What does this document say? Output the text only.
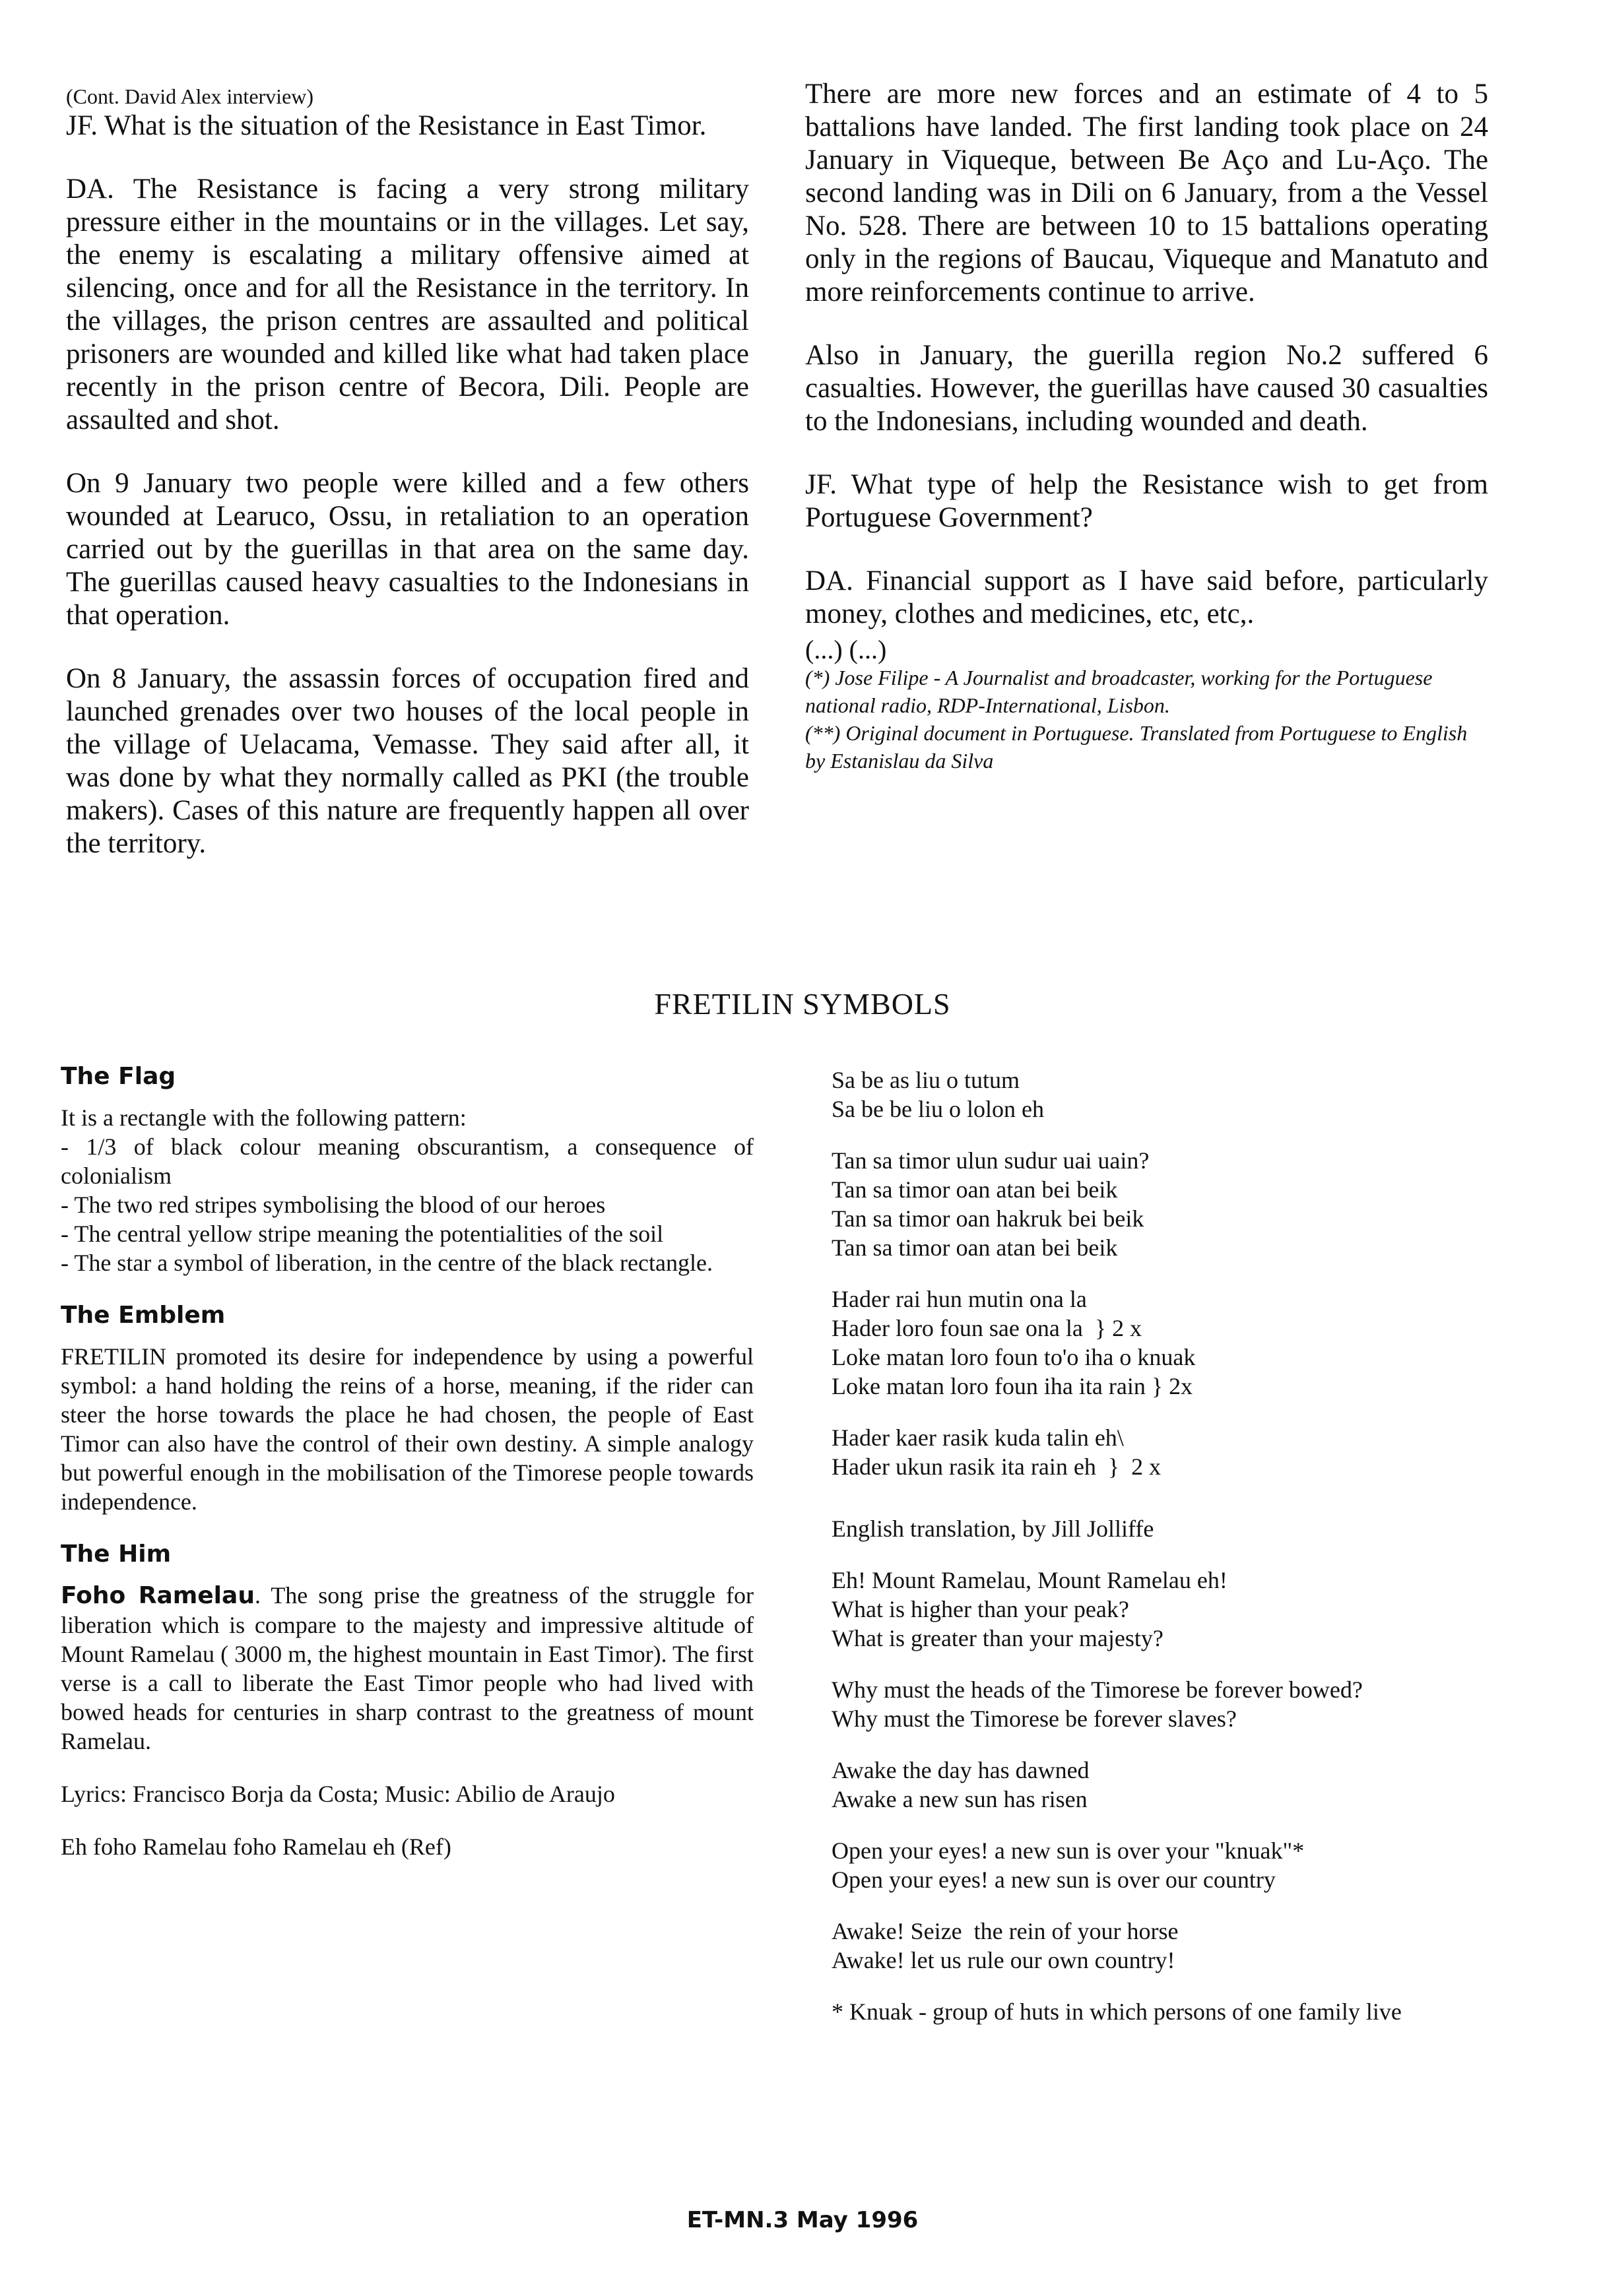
(Cont. David Alex interview)

JF. What is the situation of the Resistance in East Timor.

DA. The Resistance is facing a very strong military pressure either in the mountains or in the villages. Let say, the enemy is escalating a military offensive aimed at silencing, once and for all the Resistance in the territory. In the villages, the prison centres are assaulted and political prisoners are wounded and killed like what had taken place recently in the prison centre of Becora, Dili. People are assaulted and shot.

On 9 January two people were killed and a few others wounded at Learuco, Ossu, in retaliation to an operation carried out by the guerillas in that area on the same day. The guerillas caused heavy casualties to the Indonesians in that operation.

On 8 January, the assassin forces of occupation fired and launched grenades over two houses of the local people in the village of Uelacama, Vemasse. They said after all, it was done by what they normally called as PKI (the trouble makers). Cases of this nature are frequently happen all over the territory.

There are more new forces and an estimate of 4 to 5 battalions have landed. The first landing took place on 24 January in Viqueque, between Be Aço and Lu-Aço. The second landing was in Dili on 6 January, from a the Vessel No. 528. There are between 10 to 15 battalions operating only in the regions of Baucau, Viqueque and Manatuto and more reinforcements continue to arrive.

Also in January, the guerilla region No.2 suffered 6 casualties. However, the guerillas have caused 30 casualties to the Indonesians, including wounded and death.

JF. What type of help the Resistance wish to get from Portuguese Government?

DA. Financial support as I have said before, particularly money, clothes and medicines, etc, etc,.

(...) (...)

(*) Jose Filipe - A Journalist and broadcaster, working for the Portuguese national radio, RDP-International, Lisbon.

(**) Original document in Portuguese. Translated from Portuguese to English by Estanislau da Silva

FRETILIN SYMBOLS
The Flag
It is a rectangle with the following pattern:
- 1/3 of black colour meaning obscurantism, a consequence of colonialism
- The two red stripes symbolising the blood of our heroes
- The central yellow stripe meaning the potentialities of the soil
- The star a symbol of liberation, in the centre of the black rectangle.
The Emblem

FRETILIN promoted its desire for independence by using a powerful symbol: a hand holding the reins of a horse, meaning, if the rider can steer the horse towards the place he had chosen, the people of East Timor can also have the control of their own destiny. A simple analogy but powerful enough in the mobilisation of the Timorese people towards independence.

The Him

Foho Ramelau. The song prise the greatness of the struggle for liberation which is compare to the majesty and impressive altitude of Mount Ramelau ( 3000 m, the highest mountain in East Timor). The first verse is a call to liberate the East Timor people who had lived with bowed heads for centuries in sharp contrast to the greatness of mount Ramelau.

Lyrics: Francisco Borja da Costa; Music: Abilio de Araujo

Eh foho Ramelau foho Ramelau eh (Ref)

Sa be as liu o tutum
Sa be be liu o lolon eh
Tan sa timor ulun sudur uai uain?
Tan sa timor oan atan bei beik
Tan sa timor oan hakruk bei beik
Tan sa timor oan atan bei beik
Hader rai hun mutin ona la
Hader loro foun sae ona la  } 2 x
Loke matan loro foun to'o iha o knuak
Loke matan loro foun iha ita rain } 2x
Hader kaer rasik kuda talin eh\
Hader ukun rasik ita rain eh  }  2 x
English translation, by Jill Jolliffe
Eh! Mount Ramelau, Mount Ramelau eh!
What is higher than your peak?
What is greater than your majesty?
Why must the heads of the Timorese be forever bowed?
Why must the Timorese be forever slaves?
Awake the day has dawned
Awake a new sun has risen
Open your eyes! a new sun is over your "knuak"*
Open your eyes! a new sun is over our country
Awake! Seize  the rein of your horse
Awake! let us rule our own country!
* Knuak - group of huts in which persons of one family live
ET-MN.3 May 1996
